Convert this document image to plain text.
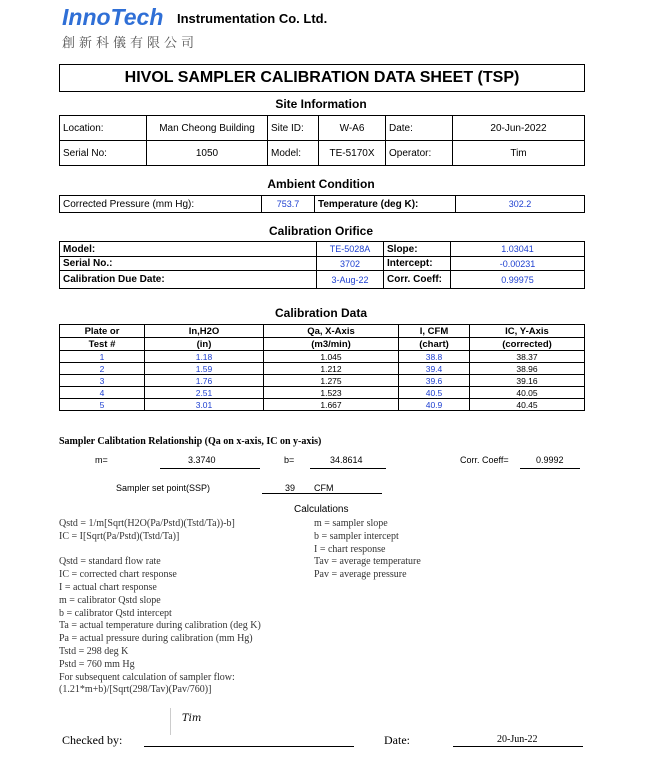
InnoTech Instrumentation Co. Ltd.
創新科儀有限公司
HIVOL SAMPLER CALIBRATION DATA SHEET (TSP)
Site Information
Location:	Man Cheong Building	Site ID:	W-A6	Date:	20-Jun-2022
Serial No:	1050	Model:	TE-5170X	Operator:	Tim
Ambient Condition
Corrected Pressure (mm Hg):	753.7	Temperature (deg K):	302.2
Calibration Orifice
Model:	TE-5028A	Slope:	1.03041
Serial No.:	3702	Intercept:	-0.00231
Calibration Due Date:	3-Aug-22	Corr. Coeff:	0.99975
Calibration Data
Plate or	In,H2O	Qa, X-Axis	I, CFM	IC, Y-Axis
Test #	(in)	(m3/min)	(chart)	(corrected)
1	1.18	1.045	38.8	38.37
2	1.59	1.212	39.4	38.96
3	1.76	1.275	39.6	39.16
4	2.51	1.523	40.5	40.05
5	3.01	1.667	40.9	40.45
Sampler Calibtation Relationship (Qa on x-axis, IC on y-axis)
m=	3.3740	b=	34.8614	Corr. Coeff=	0.9992
Sampler set point(SSP)	39 CFM
Calculations
Qstd = 1/m[Sqrt(H2O(Pa/Pstd)(Tstd/Ta))-b]
IC = I[Sqrt(Pa/Pstd)(Tstd/Ta)]

Qstd = standard flow rate
IC = corrected chart response
I = actual chart response
m = calibrator Qstd slope
b = calibrator Qstd intercept
Ta = actual temperature during calibration (deg K)
Pa = actual pressure during calibration (mm Hg)
Tstd = 298 deg K
Pstd = 760 mm Hg
For subsequent calculation of sampler flow:
(1.21*m+b)/[Sqrt(298/Tav)(Pav/760)]
m = sampler slope
b = sampler intercept
I = chart response
Tav = average temperature
Pav = average pressure
Tim
Checked by:	Date:	20-Jun-22
